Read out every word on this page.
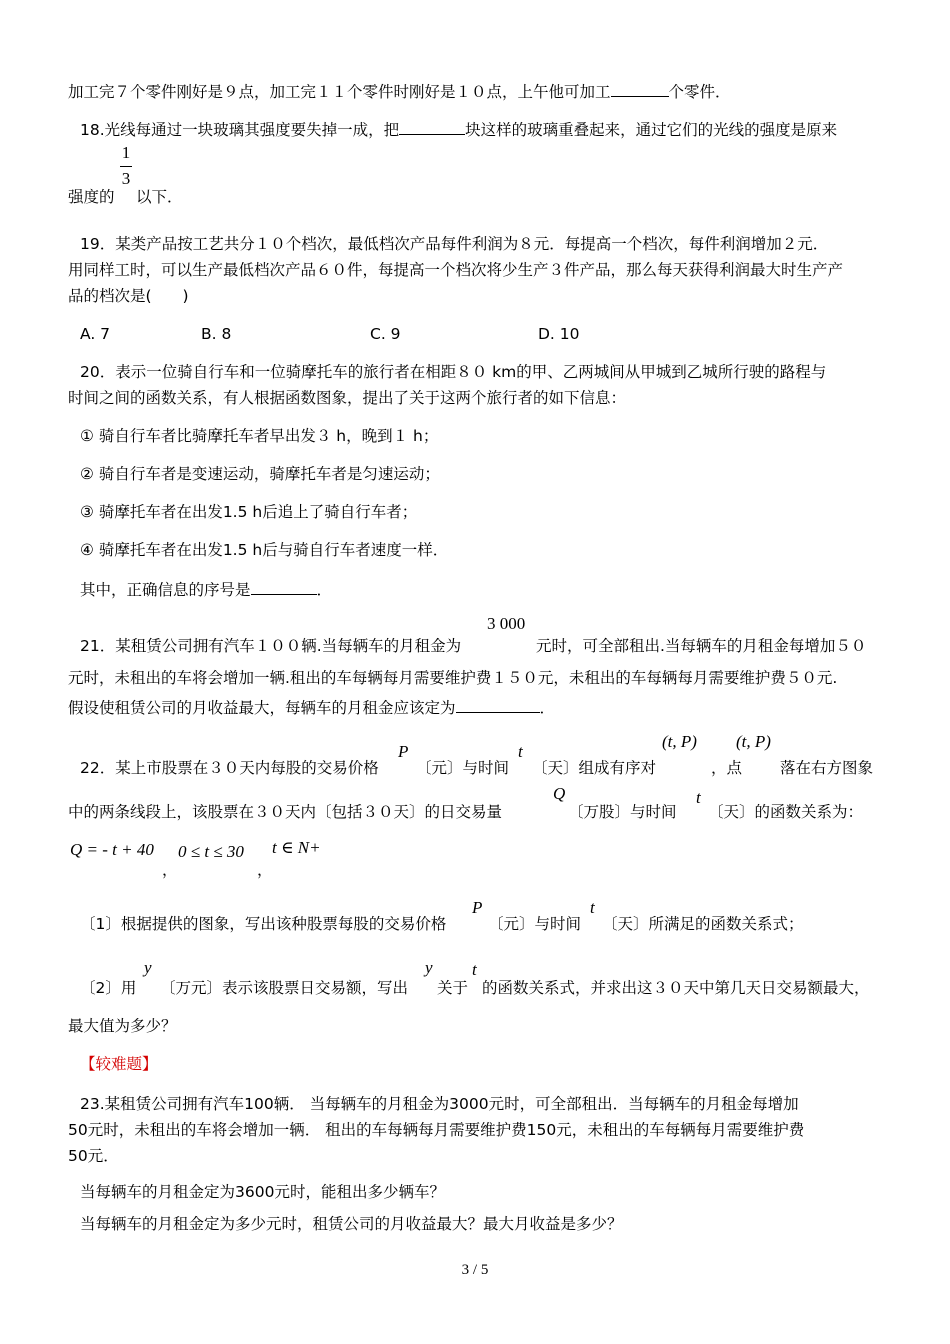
加工完７个零件刚好是９点，加工完１１个零件时刚好是１０点，上午他可加工	个零件．
18.光线每通过一块玻璃其强度要失掉一成，把	块这样的玻璃重叠起来，通过它们的光线的强度是原来
1
3
强度的 以下．
19．某类产品按工艺共分１０个档次，最低档次产品每件利润为８元．每提高一个档次，每件利润增加２元．
用同样工时，可以生产最低档次产品６０件，每提高一个档次将少生产３件产品，那么每天获得利润最大时生产产
品的档次是(　　)
A. 7	B. 8	C. 9	D. 10
20．表示一位骑自行车和一位骑摩托车的旅行者在相距８０ km的甲、乙两城间从甲城到乙城所行驶的路程与
时间之间的函数关系，有人根据函数图象，提出了关于这两个旅行者的如下信息：
① 骑自行车者比骑摩托车者早出发３ h，晚到１ h；
② 骑自行车者是变速运动，骑摩托车者是匀速运动；
③ 骑摩托车者在出发1.5 h后追上了骑自行车者；
④ 骑摩托车者在出发1.5 h后与骑自行车者速度一样．
其中，正确信息的序号是	．
3 000
21．某租赁公司拥有汽车１００辆.当每辆车的月租金为	元时，可全部租出.当每辆车的月租金每增加５０
元时，未租出的车将会增加一辆.租出的车每辆每月需要维护费１５０元，未租出的车每辆每月需要维护费５０元.
假设使租赁公司的月收益最大，每辆车的月租金应该定为	．
P	t
(t, P) (t, P)
22．某上市股票在３０天内每股的交易价格 〔元〕与时间 〔天〕组成有序对	，点 落在右方图象
Q	t
中的两条线段上，该股票在３０天内〔包括３０天〕的日交易量	〔万股〕与时间 〔天〕的函数关系为：
Q = - t + 40 0 ≤ t ≤ 30 t ∈ N+
，	，
P	t
〔1〕根据提供的图象，写出该种股票每股的交易价格	〔元〕与时间 〔天〕所满足的函数关系式；
y	y t
〔2〕用 〔万元〕表示该股票日交易额，写出 关于 的函数关系式，并求出这３０天中第几天日交易额最大，
最大值为多少？
【较难题】
23.某租赁公司拥有汽车100辆． 当每辆车的月租金为3000元时，可全部租出．当每辆车的月租金每增加
50元时，未租出的车将会增加一辆． 租出的车每辆每月需要维护费150元，未租出的车每辆每月需要维护费
50元．
当每辆车的月租金定为3600元时，能租出多少辆车？
当每辆车的月租金定为多少元时，租赁公司的月收益最大？最大月收益是多少？
3 / 5
